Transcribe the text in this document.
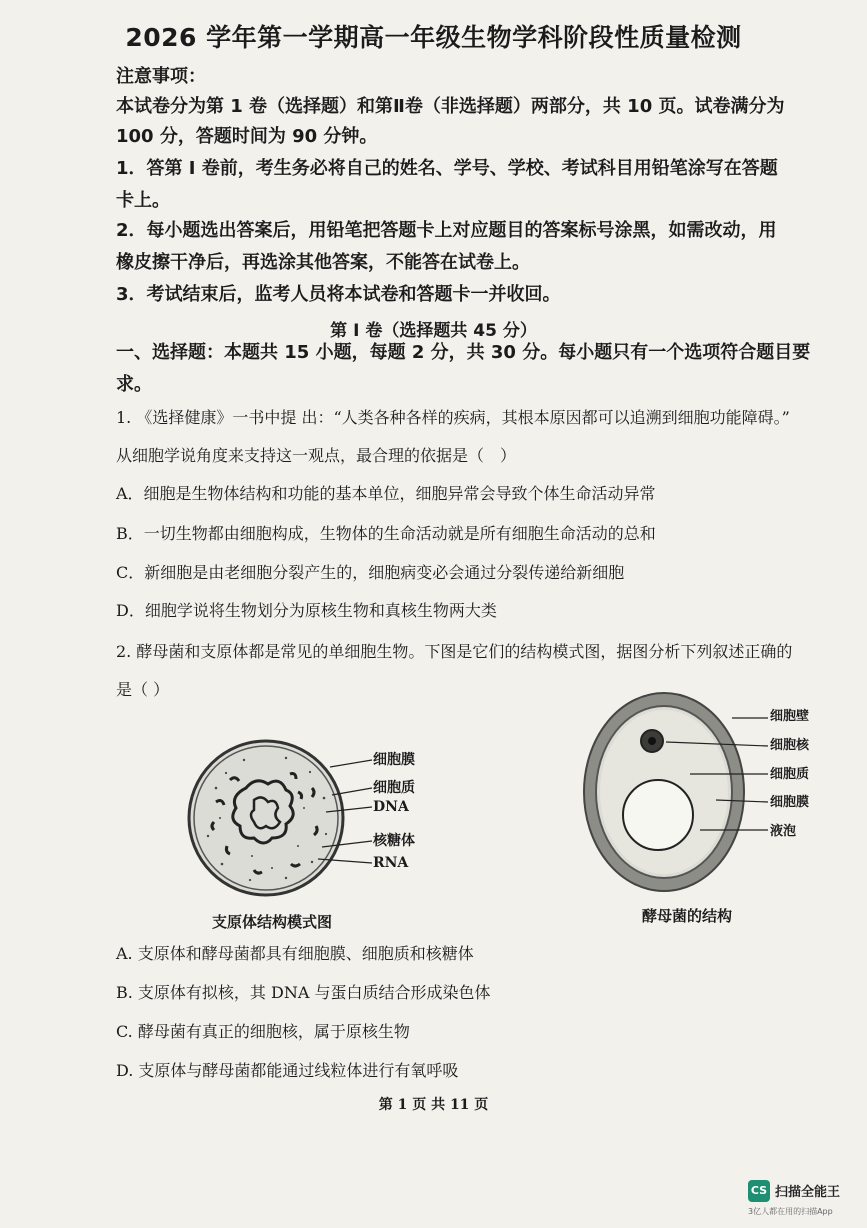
2026 学年第一学期高一年级生物学科阶段性质量检测
注意事项：
本试卷分为第 1 卷（选择题）和第Ⅱ卷（非选择题）两部分，共 10 页。试卷满分为
100 分，答题时间为 90 分钟。
1．答第 I 卷前，考生务必将自己的姓名、学号、学校、考试科目用铅笔涂写在答题
卡上。
2．每小题选出答案后，用铅笔把答题卡上对应题目的答案标号涂黑，如需改动，用
橡皮擦干净后，再选涂其他答案，不能答在试卷上。
3．考试结束后，监考人员将本试卷和答题卡一并收回。
第 I 卷（选择题共 45 分）
一、选择题：本题共 15 小题，每题 2 分，共 30 分。每小题只有一个选项符合题目要
求。
1. 《选择健康》一书中提 出：“人类各种各样的疾病，其根本原因都可以追溯到细胞功能障碍。”
从细胞学说角度来支持这一观点，最合理的依据是（　）
A．细胞是生物体结构和功能的基本单位，细胞异常会导致个体生命活动异常
B．一切生物都由细胞构成，生物体的生命活动就是所有细胞生命活动的总和
C．新细胞是由老细胞分裂产生的，细胞病变必会通过分裂传递给新细胞
D．细胞学说将生物划分为原核生物和真核生物两大类
2. 酵母菌和支原体都是常见的单细胞生物。下图是它们的结构模式图，据图分析下列叙述正确的
是（ ）
细胞膜
细胞质
DNA
核糖体
RNA
支原体结构模式图
细胞壁
细胞核
细胞质
细胞膜
液泡
酵母菌的结构
A. 支原体和酵母菌都具有细胞膜、细胞质和核糖体
B. 支原体有拟核，其 DNA 与蛋白质结合形成染色体
C. 酵母菌有真正的细胞核，属于原核生物
D. 支原体与酵母菌都能通过线粒体进行有氧呼吸
第 1 页 共 11 页
CS 扫描全能王
3亿人都在用的扫描App
